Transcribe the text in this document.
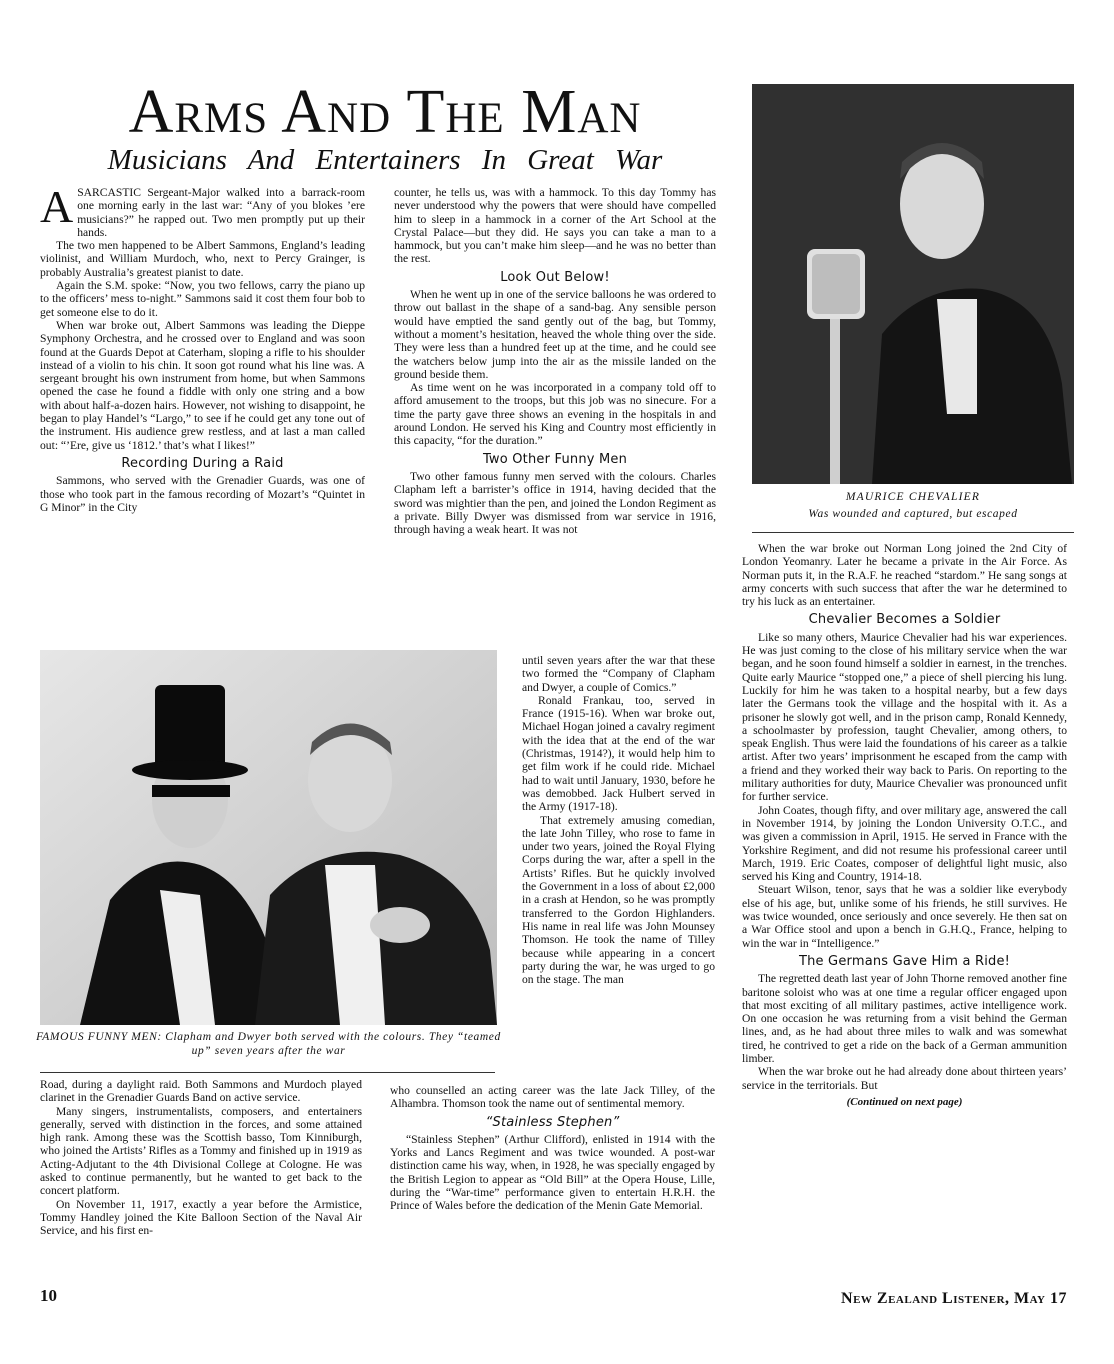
Arms And The Man
Musicians And Entertainers In Great War
A SARCASTIC Sergeant-Major walked into a barrack-room one morning early in the last war: “Any of you blokes ’ere musicians?” he rapped out. Two men promptly put up their hands.

The two men happened to be Albert Sammons, England’s leading violinist, and William Murdoch, who, next to Percy Grainger, is probably Australia’s greatest pianist to date.

Again the S.M. spoke: “Now, you two fellows, carry the piano up to the officers’ mess to-night.” Sammons said it cost them four bob to get someone else to do it.

When war broke out, Albert Sammons was leading the Dieppe Symphony Orchestra, and he crossed over to England and was soon found at the Guards Depot at Caterham, sloping a rifle to his shoulder instead of a violin to his chin. It soon got round what his line was. A sergeant brought his own instrument from home, but when Sammons opened the case he found a fiddle with only one string and a bow with about half-a-dozen hairs. However, not wishing to disappoint, he began to play Handel’s “Largo,” to see if he could get any tone out of the instrument. His audience grew restless, and at last a man called out: “’Ere, give us ‘1812.’ that’s what I likes!”

Recording During a Raid

Sammons, who served with the Grenadier Guards, was one of those who took part in the famous recording of Mozart’s “Quintet in G Minor” in the City

counter, he tells us, was with a hammock. To this day Tommy has never understood why the powers that were should have compelled him to sleep in a hammock in a corner of the Art School at the Crystal Palace—but they did. He says you can take a man to a hammock, but you can’t make him sleep—and he was no better than the rest.

Look Out Below!

When he went up in one of the service balloons he was ordered to throw out ballast in the shape of a sand-bag. Any sensible person would have emptied the sand gently out of the bag, but Tommy, without a moment’s hesitation, heaved the whole thing over the side. They were less than a hundred feet up at the time, and he could see the watchers below jump into the air as the missile landed on the ground beside them.

As time went on he was incorporated in a company told off to afford amusement to the troops, but this job was no sinecure. For a time the party gave three shows an evening in the hospitals in and around London. He served his King and Country most efficiently in this capacity, “for the duration.”

Two Other Funny Men

Two other famous funny men served with the colours. Charles Clapham left a barrister’s office in 1914, having decided that the sword was mightier than the pen, and joined the London Regiment as a private. Billy Dwyer was dismissed from war service in 1916, through having a weak heart. It was not

FAMOUS FUNNY MEN: Clapham and Dwyer both served with the colours. They “teamed up” seven years after the war

until seven years after the war that these two formed the “Company of Clapham and Dwyer, a couple of Comics.”

Ronald Frankau, too, served in France (1915-16). When war broke out, Michael Hogan joined a cavalry regiment with the idea that at the end of the war (Christmas, 1914?), it would help him to get film work if he could ride. Michael had to wait until January, 1930, before he was demobbed. Jack Hulbert served in the Army (1917-18).

That extremely amusing comedian, the late John Tilley, who rose to fame in under two years, joined the Royal Flying Corps during the war, after a spell in the Artists’ Rifles. But he quickly involved the Government in a loss of about £2,000 in a crash at Hendon, so he was promptly transferred to the Gordon Highlanders. His name in real life was John Mounsey Thomson. He took the name of Tilley because while appearing in a concert party during the war, he was urged to go on the stage. The man

Road, during a daylight raid. Both Sammons and Murdoch played clarinet in the Grenadier Guards Band on active service.

Many singers, instrumentalists, composers, and entertainers generally, served with distinction in the forces, and some attained high rank. Among these was the Scottish basso, Tom Kinniburgh, who joined the Artists’ Rifles as a Tommy and finished up in 1919 as Acting-Adjutant to the 4th Divisional College at Cologne. He was asked to continue permanently, but he wanted to get back to the concert platform.

On November 11, 1917, exactly a year before the Armistice, Tommy Handley joined the Kite Balloon Section of the Naval Air Service, and his first en-

who counselled an acting career was the late Jack Tilley, of the Alhambra. Thomson took the name out of sentimental memory.

“Stainless Stephen”

“Stainless Stephen” (Arthur Clifford), enlisted in 1914 with the Yorks and Lancs Regiment and was twice wounded. A post-war distinction came his way, when, in 1928, he was specially engaged by the British Legion to appear as “Old Bill” at the Opera House, Lille, during the “War-time” performance given to entertain H.R.H. the Prince of Wales before the dedication of the Menin Gate Memorial.

MAURICE CHEVALIER
Was wounded and captured, but escaped

When the war broke out Norman Long joined the 2nd City of London Yeomanry. Later he became a private in the Air Force. As Norman puts it, in the R.A.F. he reached “stardom.” He sang songs at army concerts with such success that after the war he determined to try his luck as an entertainer.

Chevalier Becomes a Soldier

Like so many others, Maurice Chevalier had his war experiences. He was just coming to the close of his military service when the war began, and he soon found himself a soldier in earnest, in the trenches. Quite early Maurice “stopped one,” a piece of shell piercing his lung. Luckily for him he was taken to a hospital nearby, but a few days later the Germans took the village and the hospital with it. As a prisoner he slowly got well, and in the prison camp, Ronald Kennedy, a schoolmaster by profession, taught Chevalier, among others, to speak English. Thus were laid the foundations of his career as a talkie artist. After two years’ imprisonment he escaped from the camp with a friend and they worked their way back to Paris. On reporting to the military authorities for duty, Maurice Chevalier was pronounced unfit for further service.

John Coates, though fifty, and over military age, answered the call in November 1914, by joining the London University O.T.C., and was given a commission in April, 1915. He served in France with the Yorkshire Regiment, and did not resume his professional career until March, 1919. Eric Coates, composer of delightful light music, also served his King and Country, 1914-18.

Steuart Wilson, tenor, says that he was a soldier like everybody else of his age, but, unlike some of his friends, he still survives. He was twice wounded, once seriously and once severely. He then sat on a War Office stool and upon a bench in G.H.Q., France, helping to win the war in “Intelligence.”

The Germans Gave Him a Ride!

The regretted death last year of John Thorne removed another fine baritone soloist who was at one time a regular officer engaged upon that most exciting of all military pastimes, active intelligence work. On one occasion he was returning from a visit behind the German lines, and, as he had about three miles to walk and was somewhat tired, he contrived to get a ride on the back of a German ammunition limber.

When the war broke out he had already done about thirteen years’ service in the territorials. But

(Continued on next page)
10	New Zealand Listener, May 17
